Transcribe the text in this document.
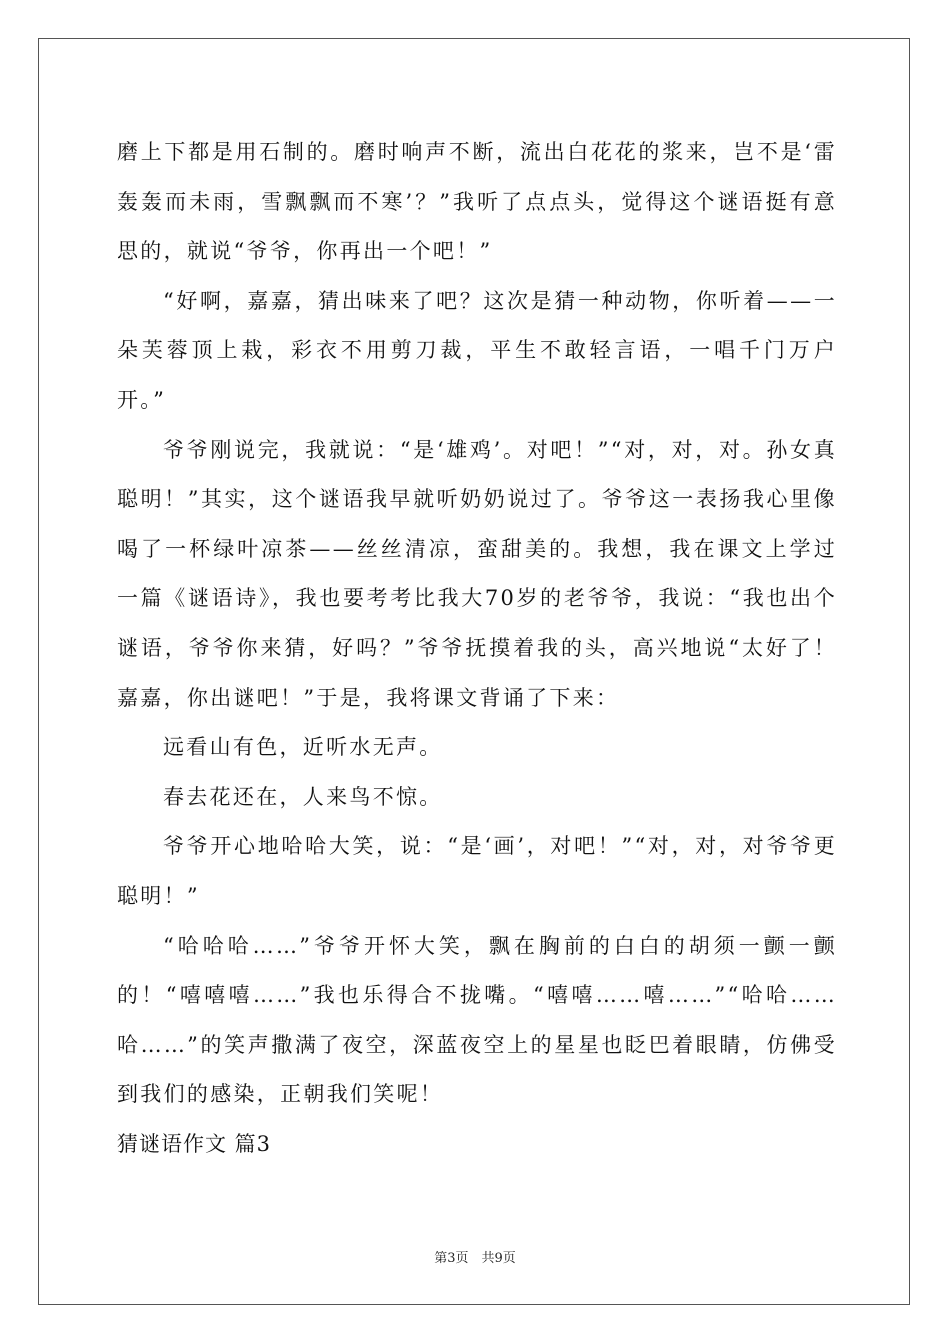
磨上下都是用石制的。磨时响声不断，流出白花花的浆来，岂不是‘雷轰轰而未雨，雪飘飘而不寒’？”我听了点点头，觉得这个谜语挺有意思的，就说“爷爷，你再出一个吧！”

“好啊，嘉嘉，猜出味来了吧？这次是猜一种动物，你听着——一朵芙蓉顶上栽，彩衣不用剪刀裁，平生不敢轻言语，一唱千门万户开。”

爷爷刚说完，我就说：“是‘雄鸡’。对吧！”“对，对，对。孙女真聪明！”其实，这个谜语我早就听奶奶说过了。爷爷这一表扬我心里像喝了一杯绿叶凉茶——丝丝清凉，蛮甜美的。我想，我在课文上学过一篇《谜语诗》，我也要考考比我大70岁的老爷爷，我说：“我也出个谜语，爷爷你来猜，好吗？”爷爷抚摸着我的头，高兴地说“太好了！嘉嘉，你出谜吧！”于是，我将课文背诵了下来：

远看山有色，近听水无声。

春去花还在，人来鸟不惊。

爷爷开心地哈哈大笑，说：“是‘画’，对吧！”“对，对，对爷爷更聪明！”

“哈哈哈……”爷爷开怀大笑，飘在胸前的白白的胡须一颤一颤的！“嘻嘻嘻……”我也乐得合不拢嘴。“嘻嘻……嘻……”“哈哈……哈……”的笑声撒满了夜空，深蓝夜空上的星星也眨巴着眼睛，仿佛受到我们的感染，正朝我们笑呢！

猜谜语作文 篇3

第3页　共9页
